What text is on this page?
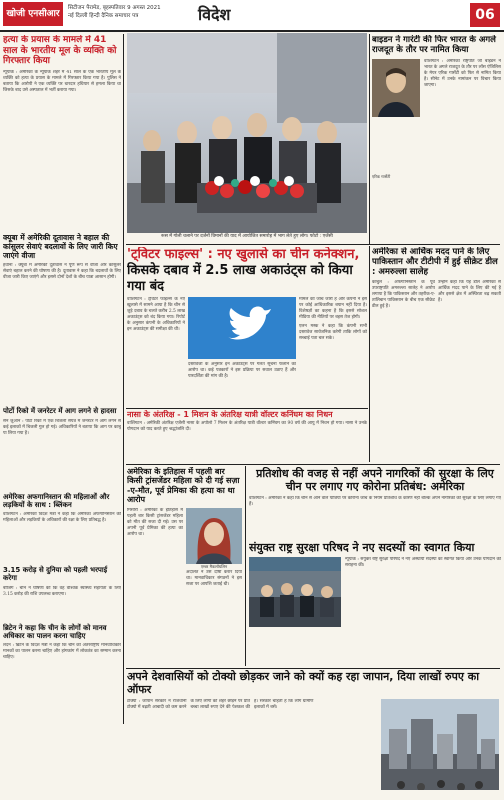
खोजी एनसीआर
सिटीजन पैरामेड, बृहस्पतिवार 9 अगस्त 2021
नई दिल्ली हिन्दी दैनिक समाचार पत्र	विदेश	06
हत्या के प्रयास के मामले में 41 साल के भारतीय मूल के व्यक्ति को गिरफ्तार किया
न्यूयॉर्क : अमेरिका के न्यूयॉर्क शहर में 41 साल के एक भारतीय मूल के व्यक्ति को हत्या के प्रयास के मामले में गिरफ्तार किया गया है। पुलिस ने बताया कि आरोपी ने एक व्यक्ति पर धारदार हथियार से हमला किया था जिसके बाद उसे अस्पताल में भर्ती कराया गया।
क्यूबा में अमेरिकी दूतावास ने बहाल की कांसुलर सेवाएं बदलावों के लिए जारी किए जाएंगे वीजा
हवाना : क्यूबा में अमेरिकी दूतावास ने पूर्ण रूप से वीजा और कांसुलर सेवाएं बहाल करने की घोषणा की है। दूतावास ने कहा कि बदलावों के लिए वीजा जारी किए जाएंगे और इससे दोनों देशों के बीच यात्रा आसान होगी।
पोर्टो रिको में जनरेटर में आग लगने से हादसा
सैन जुआन : पोर्टो रिको में एक बिजली संयंत्र में जनरेटर में आग लगने से कई इलाकों में बिजली गुल हो गई। अधिकारियों ने बताया कि आग पर काबू पा लिया गया है।
अमेरिका अफगानिस्तान की महिलाओं और लड़कियों के साथ : ब्लिंकन
वाशिंगटन : अमेरिकी विदेश मंत्री ने कहा कि अमेरिका अफगानिस्तान की महिलाओं और लड़कियों के अधिकारों की रक्षा के लिए प्रतिबद्ध है।
3.15 करोड़ से दुनिया को पहली भरपाई करेगा
बीजिंग : चीन ने घोषणा की कि वह वैश्विक स्वास्थ्य सहायता के लिए 3.15 करोड़ की राशि उपलब्ध कराएगा।
ब्रिटेन ने कहा कि चीन के लोगों को मानव अधिकार का पालन करना चाहिए
लंदन : ब्रिटेन के विदेश मंत्री ने कहा कि चीन को अंतरराष्ट्रीय मानवाधिकार मानकों का पालन करना चाहिए और हांगकांग में लोकतंत्र का सम्मान करना चाहिए।
रूस में गोली चलाने पर दर्जनों विमानों की याद में आयोजित समारोह में भाग लेते हुए लोग। फोटो : एजेंसी
बाइडन ने गारंटी की फिर भारत के अगले राजदूत के तौर पर नामित किया
वाशिंगटन : अमेरिकी राष्ट्रपति जो बाइडन ने भारत के अगले राजदूत के तौर पर लॉस एंजिलिस के मेयर एरिक गार्सेटी को फिर से नामित किया है। सीनेट में उनके नामांकन पर विचार किया जाएगा।
एरिक गार्सेटी
'ट्विटर फाइल्स' : नए खुलासे का चीन कनेक्शन,
किसके दबाव में 2.5 लाख अकाउंट्स को किया गया बंद
वाशिंगटन : ट्विटर फाइल्स के नए खुलासे में सामने आया है कि चीन से जुड़े दबाव के चलते करीब 2.5 लाख अकाउंट्स को बंद किया गया। रिपोर्ट के अनुसार कंपनी के अधिकारियों ने इन अकाउंट्स की समीक्षा की थी।
दस्तावेजों के अनुसार इन अकाउंट्स पर गलत सूचना फैलाने का आरोप था। कई पत्रकारों ने इस प्रक्रिया पर सवाल उठाए हैं और पारदर्शिता की मांग की है।
मामले की जांच जारी है और कंपनी ने इस पर कोई आधिकारिक बयान नहीं दिया है। विशेषज्ञों का कहना है कि इससे सोशल मीडिया की नीतियों पर बहस तेज होगी।
एलन मस्क ने कहा कि कंपनी सभी दस्तावेज सार्वजनिक करेगी ताकि लोगों को सच्चाई पता चल सके।
नासा के अंतरिक्ष - 1 मिशन के अंतरिक्ष यात्री वॉल्टर कनिंघम का निधन
वाशिंगटन : अमेरिकी अंतरिक्ष एजेंसी नासा के अपोलो 7 मिशन के अंतरिक्ष यात्री वॉल्टर कनिंघम का 90 वर्ष की आयु में निधन हो गया। नासा ने उनके योगदान को याद करते हुए श्रद्धांजलि दी।
अमेरिका से आर्थिक मदद पाने के लिए पाकिस्तान और टीटीपी में हुई सीक्रेट डील : अमरुल्ला सालेह
काबुल : अफगानिस्तान के पूर्व उपराष्ट्रपति अमरुल्ला सालेह ने आरोप लगाया है कि पाकिस्तान और तहरीक-ए-तालिबान पाकिस्तान के बीच एक सीक्रेट डील हुई है।
उन्होंने कहा कि यह डील अमेरिका से आर्थिक मदद पाने के लिए की गई है और इससे क्षेत्र में अस्थिरता बढ़ सकती है।
अमेरिका के इतिहास में पहली बार किसी ट्रांसजेंडर महिला को दी गई सज़ा -ए-मौत, पूर्व प्रेमिका की हत्या का था आरोप
मिसौरी : अमेरिका के इतिहास में पहली बार किसी ट्रांसजेंडर महिला को मौत की सजा दी गई। उस पर अपनी पूर्व प्रेमिका की हत्या का आरोप था।
एम्बर मैकलॉघलिन
अदालत ने उसे दोषी करार दिया था। मानवाधिकार संगठनों ने इस सजा पर आपत्ति जताई थी।
प्रतिशोध की वजह से नहीं अपने नागरिकों की सुरक्षा के लिए चीन पर लगाए गए कोरोना प्रतिबंध: अमेरिका
वाशिंगटन : अमेरिका ने कहा कि चीन से आने वाले यात्रियों पर कोरोना जांच के नियम प्रतिशोध के कारण नहीं बल्कि अपने नागरिकों की सुरक्षा के लिए लगाए गए हैं।
संयुक्त राष्ट्र सुरक्षा परिषद ने नए सदस्यों का स्वागत किया
न्यूयॉर्क : संयुक्त राष्ट्र सुरक्षा परिषद ने नए अस्थायी सदस्यों का स्वागत किया और उनके योगदान की सराहना की।
अपने देशवासियों को टोक्यो छोड़कर जाने को क्यों कह रहा जापान, दिया लाखों रुपए का ऑफर
टोक्यो : जापान सरकार ने राजधानी टोक्यो में बढ़ती आबादी को कम करने के लिए लोगों को शहर छोड़ने पर प्रति बच्चा लाखों रुपए देने की पेशकश की है। सरकार चाहती है कि लोग ग्रामीण इलाकों में बसें।
